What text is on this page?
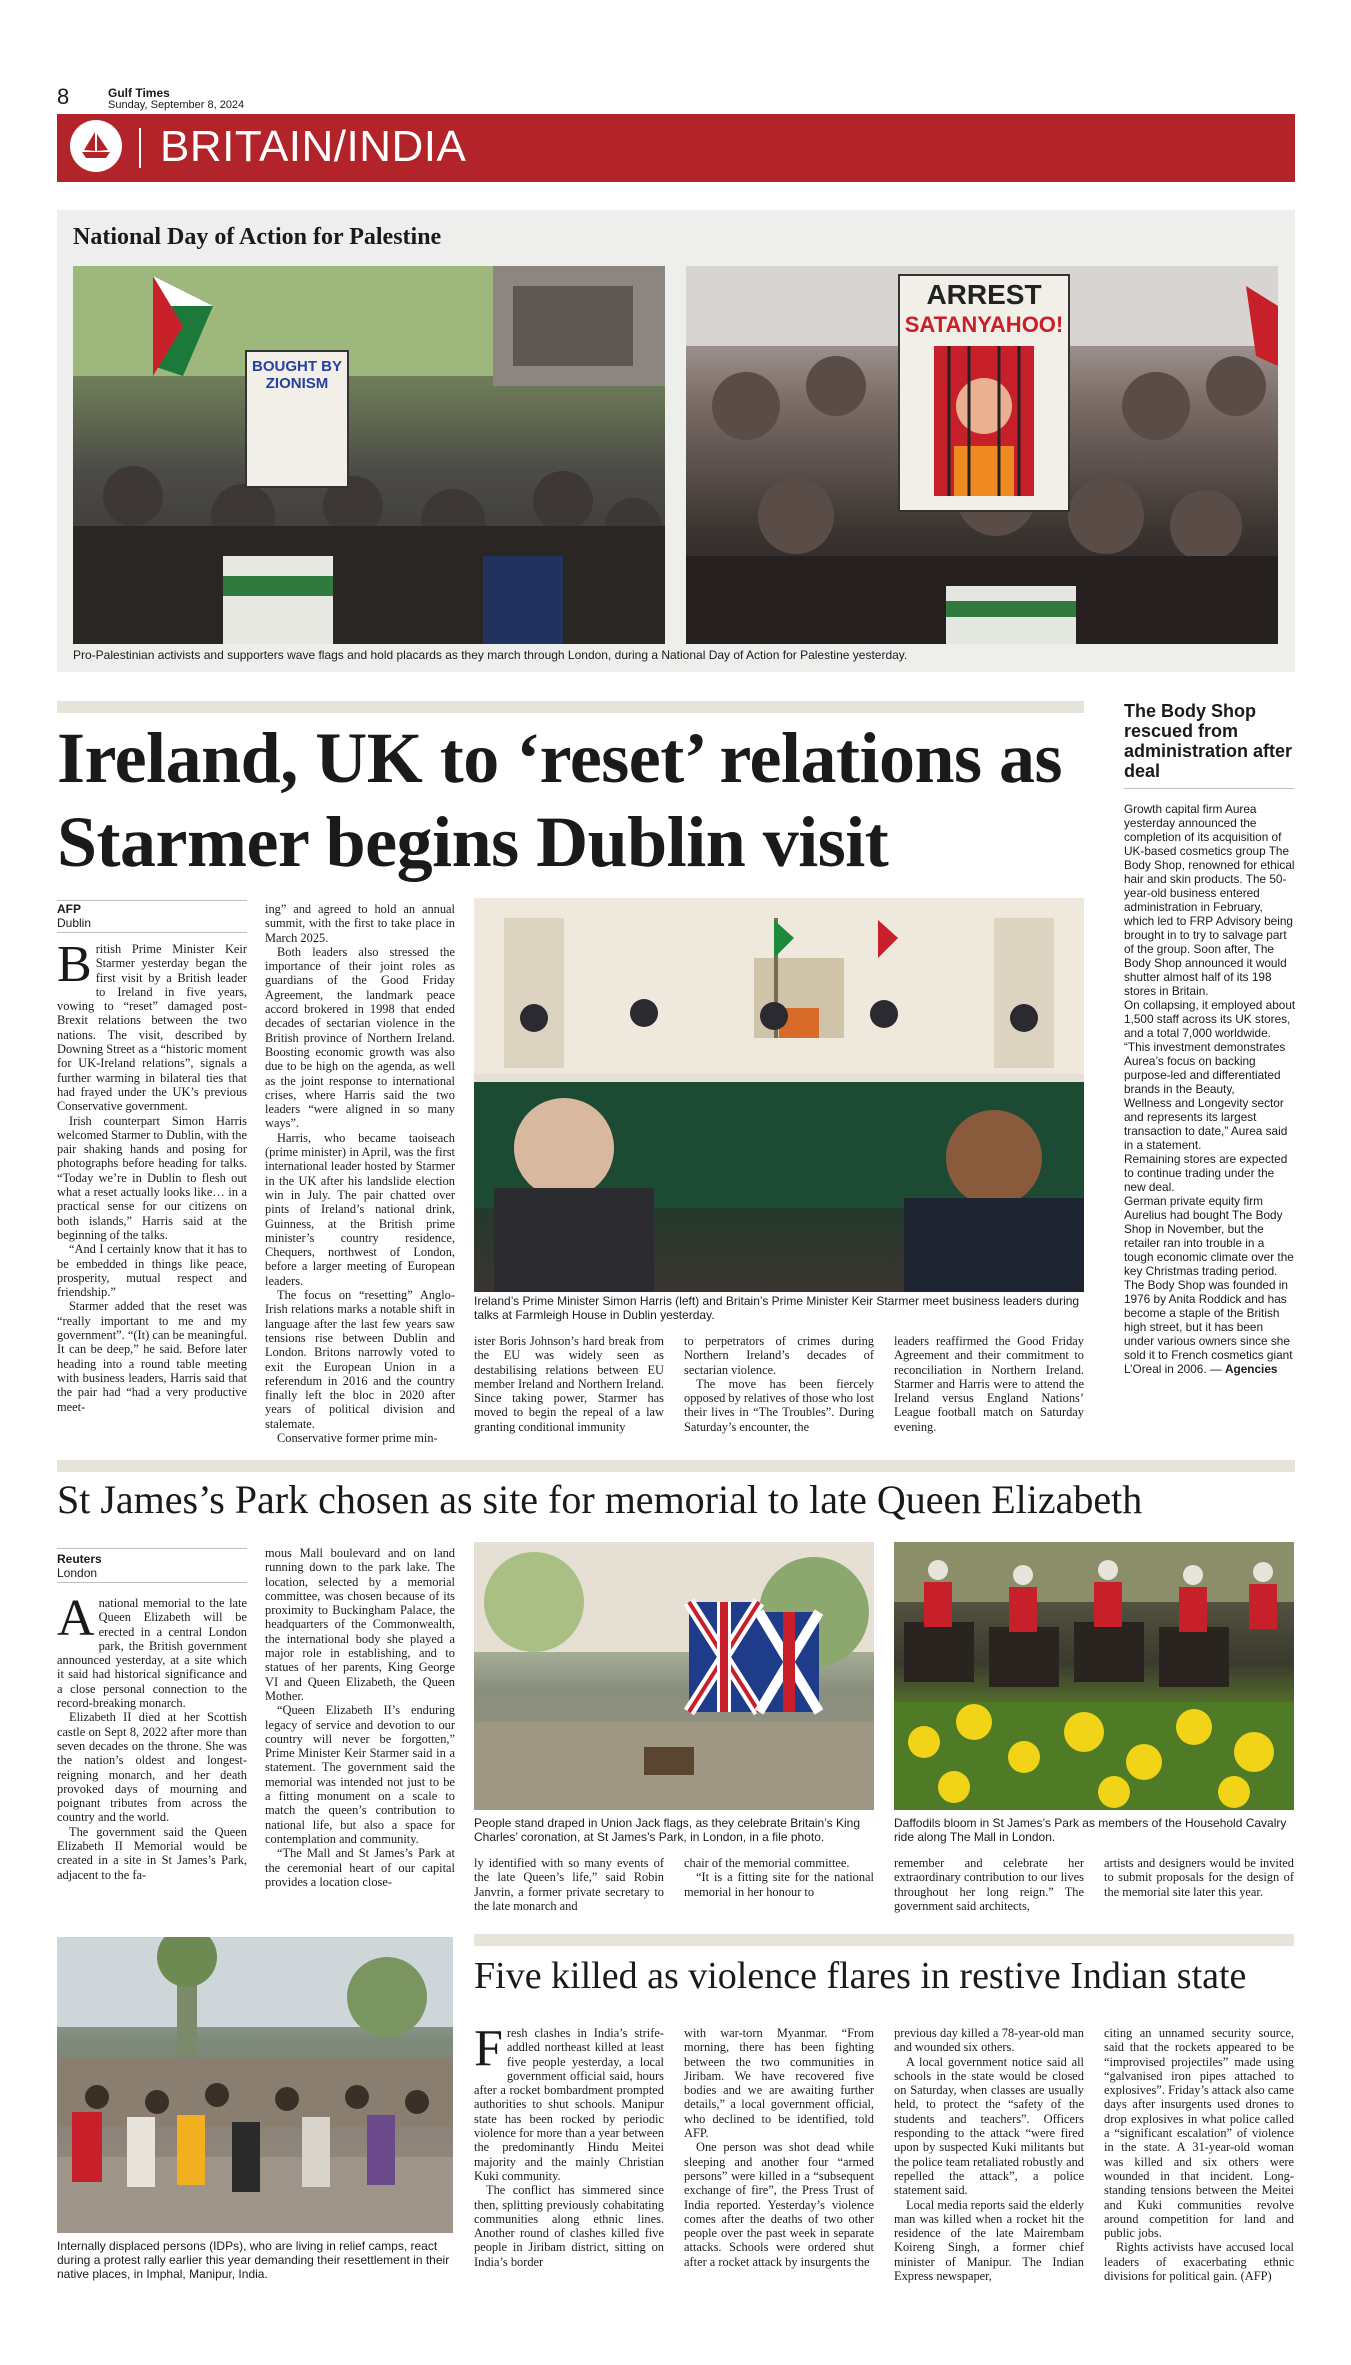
8	Gulf Times
Sunday, September 8, 2024
BRITAIN/INDIA
National Day of Action for Palestine
BOUGHT BY ZIONISM
ARREST
SATANYAHOO!
Pro-Palestinian activists and supporters wave flags and hold placards as they march through London, during a National Day of Action for Palestine yesterday.
Ireland, UK to ‘reset’ relations as Starmer begins Dublin visit
AFP
Dublin
B ritish Prime Minister Keir Starmer yesterday began the first visit by a British leader to Ireland in five years, vowing to “reset” damaged post-Brexit relations between the two nations. The visit, described by Downing Street as a “historic moment for UK-Ireland relations”, signals a further warming in bilateral ties that had frayed under the UK’s previous Conservative government.

Irish counterpart Simon Harris welcomed Starmer to Dublin, with the pair shaking hands and posing for photographs before heading for talks. “Today we’re in Dublin to flesh out what a reset actually looks like… in a practical sense for our citizens on both islands,” Harris said at the beginning of the talks.

“And I certainly know that it has to be embedded in things like peace, prosperity, mutual respect and friendship.”

Starmer added that the reset was “really important to me and my government”. “(It) can be meaningful. It can be deep,” he said. Before later heading into a round table meeting with business leaders, Harris said that the pair had “had a very productive meet-

ing” and agreed to hold an annual summit, with the first to take place in March 2025.

Both leaders also stressed the importance of their joint roles as guardians of the Good Friday Agreement, the landmark peace accord brokered in 1998 that ended decades of sectarian violence in the British province of Northern Ireland. Boosting economic growth was also due to be high on the agenda, as well as the joint response to international crises, where Harris said the two leaders “were aligned in so many ways”.

Harris, who became taoiseach (prime minister) in April, was the first international leader hosted by Starmer in the UK after his landslide election win in July. The pair chatted over pints of Ireland’s national drink, Guinness, at the British prime minister’s country residence, Chequers, northwest of London, before a larger meeting of European leaders.

The focus on “resetting” Anglo-Irish relations marks a notable shift in language after the last few years saw tensions rise between Dublin and London. Britons narrowly voted to exit the European Union in a referendum in 2016 and the country finally left the bloc in 2020 after years of political division and stalemate.

Conservative former prime min-

Ireland’s Prime Minister Simon Harris (left) and Britain’s Prime Minister Keir Starmer meet business leaders during talks at Farmleigh House in Dublin yesterday.

ister Boris Johnson’s hard break from the EU was widely seen as destabilising relations between EU member Ireland and Northern Ireland. Since taking power, Starmer has moved to begin the repeal of a law granting conditional immunity

to perpetrators of crimes during Northern Ireland’s decades of sectarian violence.

The move has been fiercely opposed by relatives of those who lost their lives in “The Troubles”. During Saturday’s encounter, the

leaders reaffirmed the Good Friday Agreement and their commitment to reconciliation in Northern Ireland. Starmer and Harris were to attend the Ireland versus England Nations’ League football match on Saturday evening.

The Body Shop rescued from administration after deal

Growth capital firm Aurea yesterday announced the completion of its acquisition of UK-based cosmetics group The Body Shop, renowned for ethical hair and skin products. The 50-year-old business entered administration in February, which led to FRP Advisory being brought in to try to salvage part of the group. Soon after, The Body Shop announced it would shutter almost half of its 198 stores in Britain.

On collapsing, it employed about 1,500 staff across its UK stores, and a total 7,000 worldwide. “This investment demonstrates Aurea’s focus on backing purpose-led and differentiated brands in the Beauty,

Wellness and Longevity sector and represents its largest transaction to date,” Aurea said in a statement.

Remaining stores are expected to continue trading under the new deal.

German private equity firm Aurelius had bought The Body Shop in November, but the retailer ran into trouble in a tough economic climate over the key Christmas trading period.

The Body Shop was founded in 1976 by Anita Roddick and has become a staple of the British high street, but it has been under various owners since she sold it to French cosmetics giant L’Oreal in 2006. — Agencies

St James’s Park chosen as site for memorial to late Queen Elizabeth
Reuters
London
A national memorial to the late Queen Elizabeth will be erected in a central London park, the British government announced yesterday, at a site which it said had historical significance and a close personal connection to the record-breaking monarch.

Elizabeth II died at her Scottish castle on Sept 8, 2022 after more than seven decades on the throne. She was the nation’s oldest and longest-reigning monarch, and her death provoked days of mourning and poignant tributes from across the country and the world.

The government said the Queen Elizabeth II Memorial would be created in a site in St James’s Park, adjacent to the fa-

mous Mall boulevard and on land running down to the park lake. The location, selected by a memorial committee, was chosen because of its proximity to Buckingham Palace, the headquarters of the Commonwealth, the international body she played a major role in establishing, and to statues of her parents, King George VI and Queen Elizabeth, the Queen Mother.

“Queen Elizabeth II’s enduring legacy of service and devotion to our country will never be forgotten,” Prime Minister Keir Starmer said in a statement. The government said the memorial was intended not just to be a fitting monument on a scale to match the queen’s contribution to national life, but also a space for contemplation and community.

“The Mall and St James’s Park at the ceremonial heart of our capital provides a location close-

People stand draped in Union Jack flags, as they celebrate Britain’s King Charles’ coronation, at St James’s Park, in London, in a file photo.
Daffodils bloom in St James’s Park as members of the Household Cavalry ride along The Mall in London.

ly identified with so many events of the late Queen’s life,” said Robin Janvrin, a former private secretary to the late monarch and

chair of the memorial committee.

“It is a fitting site for the national memorial in her honour to

remember and celebrate her extraordinary contribution to our lives throughout her long reign.” The government said architects,

artists and designers would be invited to submit proposals for the design of the memorial site later this year.

Internally displaced persons (IDPs), who are living in relief camps, react during a protest rally earlier this year demanding their resettlement in their native places, in Imphal, Manipur, India.
Five killed as violence flares in restive Indian state
F resh clashes in India’s strife-addled northeast killed at least five people yesterday, a local government official said, hours after a rocket bombardment prompted authorities to shut schools. Manipur state has been rocked by periodic violence for more than a year between the predominantly Hindu Meitei majority and the mainly Christian Kuki community.

The conflict has simmered since then, splitting previously cohabitating communities along ethnic lines. Another round of clashes killed five people in Jiribam district, sitting on India’s border

with war-torn Myanmar. “From morning, there has been fighting between the two communities in Jiribam. We have recovered five bodies and we are awaiting further details,” a local government official, who declined to be identified, told AFP.

One person was shot dead while sleeping and another four “armed persons” were killed in a “subsequent exchange of fire”, the Press Trust of India reported. Yesterday’s violence comes after the deaths of two other people over the past week in separate attacks. Schools were ordered shut after a rocket attack by insurgents the

previous day killed a 78-year-old man and wounded six others.

A local government notice said all schools in the state would be closed on Saturday, when classes are usually held, to protect the “safety of the students and teachers”. Officers responding to the attack “were fired upon by suspected Kuki militants but the police team retaliated robustly and repelled the attack”, a police statement said.

Local media reports said the elderly man was killed when a rocket hit the residence of the late Mairembam Koireng Singh, a former chief minister of Manipur. The Indian Express newspaper,

citing an unnamed security source, said that the rockets appeared to be “improvised projectiles” made using “galvanised iron pipes attached to explosives”. Friday’s attack also came days after insurgents used drones to drop explosives in what police called a “significant escalation” of violence in the state. A 31-year-old woman was killed and six others were wounded in that incident. Long-standing tensions between the Meitei and Kuki communities revolve around competition for land and public jobs.

Rights activists have accused local leaders of exacerbating ethnic divisions for political gain. (AFP)
